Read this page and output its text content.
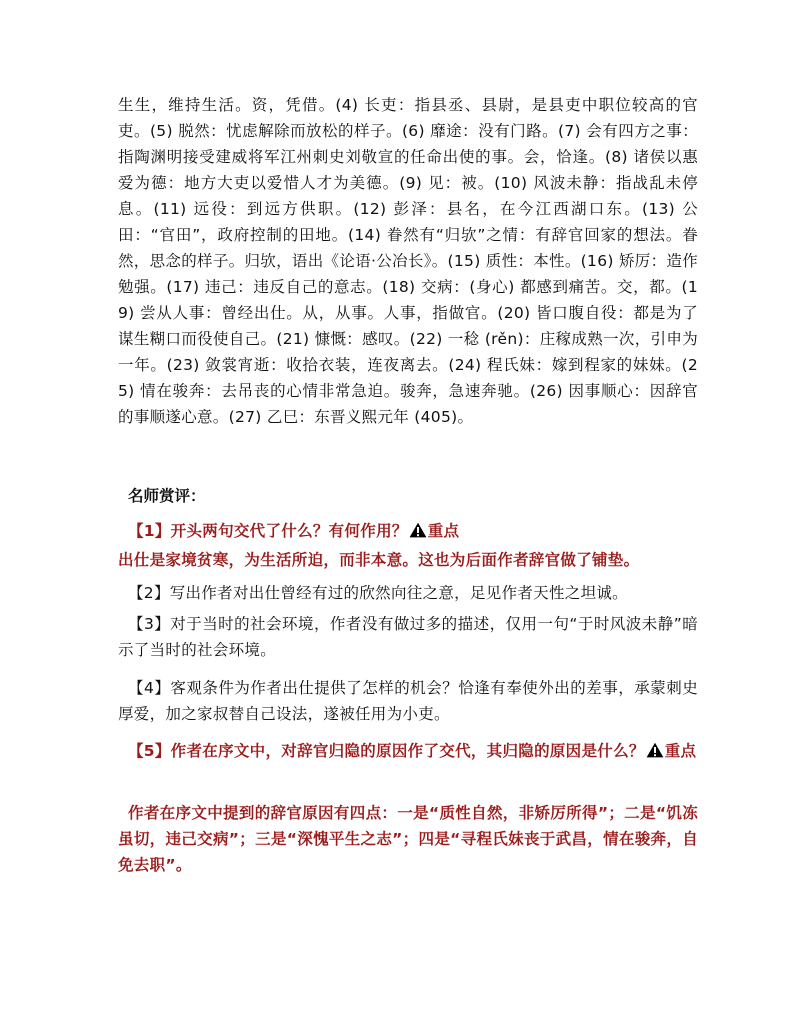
生生，维持生活。资，凭借。(4) 长吏：指县丞、县尉，是县吏中职位较高的官吏。(5) 脱然：忧虑解除而放松的样子。(6) 靡途：没有门路。(7) 会有四方之事：指陶渊明接受建威将军江州刺史刘敬宣的任命出使的事。会，恰逢。(8) 诸侯以惠爱为德：地方大吏以爱惜人才为美德。(9) 见：被。(10) 风波未静：指战乱未停息。(11) 远役：到远方供职。(12) 彭泽：县名，在今江西湖口东。(13) 公田：“官田”，政府控制的田地。(14) 眷然有“归欤”之情：有辞官回家的想法。眷然，思念的样子。归欤，语出《论语·公冶长》。(15) 质性：本性。(16) 矫厉：造作勉强。(17) 违己：违反自己的意志。(18) 交病：(身心) 都感到痛苦。交，都。(19) 尝从人事：曾经出仕。从，从事。人事，指做官。(20) 皆口腹自役：都是为了谋生糊口而役使自己。(21) 慷慨：感叹。(22) 一稔 (rěn)：庄稼成熟一次，引申为一年。(23) 敛裳宵逝：收拾衣装，连夜离去。(24) 程氏妹：嫁到程家的妹妹。(25) 情在骏奔：去吊丧的心情非常急迫。骏奔，急速奔驰。(26) 因事顺心：因辞官的事顺遂心意。(27) 乙巳：东晋义熙元年 (405)。

名师赏评：

【1】开头两句交代了什么？有何作用？ 重点

出仕是家境贫寒，为生活所迫，而非本意。这也为后面作者辞官做了铺垫。

【2】写出作者对出仕曾经有过的欣然向往之意，足见作者天性之坦诚。

【3】对于当时的社会环境，作者没有做过多的描述，仅用一句“于时风波未静”暗示了当时的社会环境。

【4】客观条件为作者出仕提供了怎样的机会？恰逢有奉使外出的差事，承蒙刺史厚爱，加之家叔替自己设法，遂被任用为小吏。

【5】作者在序文中，对辞官归隐的原因作了交代，其归隐的原因是什么？ 重点

作者在序文中提到的辞官原因有四点：一是“质性自然，非矫厉所得”；二是“饥冻虽切，违己交病”；三是“深愧平生之志”；四是“寻程氏妹丧于武昌，情在骏奔，自免去职”。
